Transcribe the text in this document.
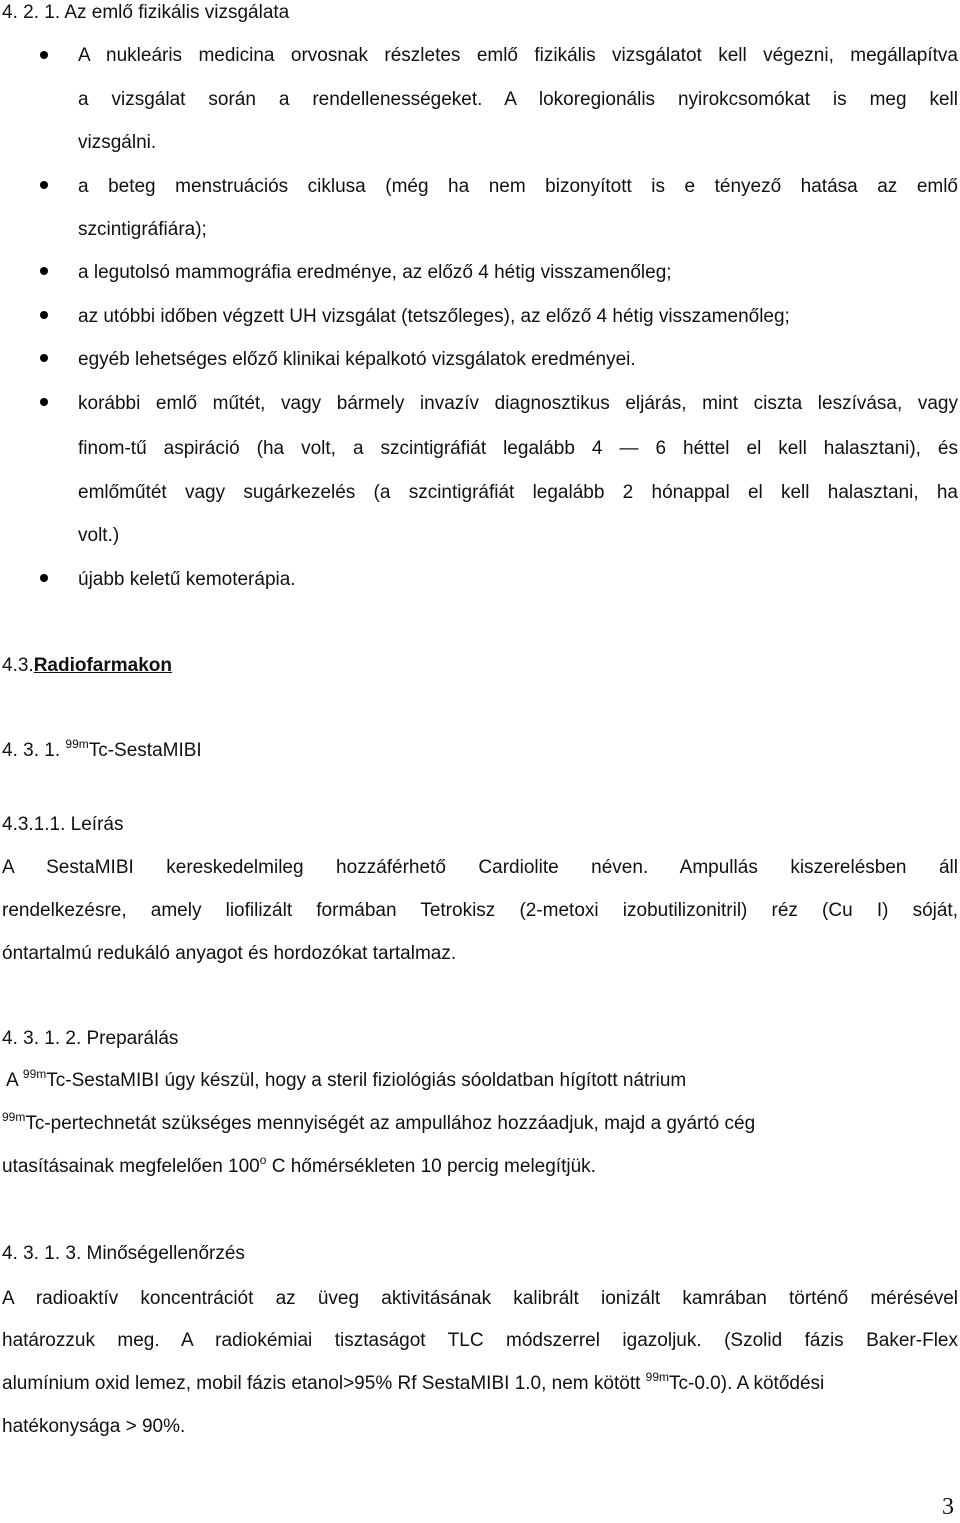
4. 2. 1. Az emlő fizikális vizsgálata
A nukleáris medicina orvosnak részletes emlő fizikális vizsgálatot kell végezni, megállapítva
a vizsgálat során a rendellenességeket. A lokoregionális nyirokcsomókat is meg kell
vizsgálni.
a beteg menstruációs ciklusa (még ha nem bizonyított is e tényező hatása az emlő
szcintigráfiára);
a legutolsó mammográfia eredménye, az előző 4 hétig visszamenőleg;
az utóbbi időben végzett UH vizsgálat (tetszőleges), az előző 4 hétig visszamenőleg;
egyéb lehetséges előző klinikai képalkotó vizsgálatok eredményei.
korábbi emlő műtét, vagy bármely invazív diagnosztikus eljárás, mint ciszta leszívása, vagy
finom-tű aspiráció (ha volt, a szcintigráfiát legalább 4 — 6 héttel el kell halasztani), és
emlőműtét vagy sugárkezelés (a szcintigráfiát legalább 2 hónappal el kell halasztani, ha
volt.)
újabb keletű kemoterápia.
4.3.Radiofarmakon
4. 3. 1. $^{99m}$Tc-SestaMIBI
4.3.1.1. Leírás
A SestaMIBI kereskedelmileg hozzáférhető Cardiolite néven. Ampullás kiszerelésben áll
rendelkezésre, amely liofilizált formában Tetrokisz (2-metoxi izobutilizonitril) réz (Cu I) sóját,
óntartalmú redukáló anyagot és hordozókat tartalmaz.
4. 3. 1. 2. Preparálás
A $^{99m}$Tc-SestaMIBI úgy készül, hogy a steril fiziológiás sóoldatban hígított nátrium
$^{99m}$Tc-pertechnetát szükséges mennyiségét az ampullához hozzáadjuk, majd a gyártó cég
utasításainak megfelelően 100$^o$ C hőmérsékleten 10 percig melegítjük.
4. 3. 1. 3. Minőségellenőrzés
A radioaktív koncentrációt az üveg aktivitásának kalibrált ionizált kamrában történő mérésével
határozzuk meg. A radiokémiai tisztaságot TLC módszerrel igazoljuk. (Szolid fázis Baker-Flex
alumínium oxid lemez, mobil fázis etanol>95% Rf SestaMIBI 1.0, nem kötött $^{99m}$Tc-0.0). A kötődési
hatékonysága > 90%.
3
